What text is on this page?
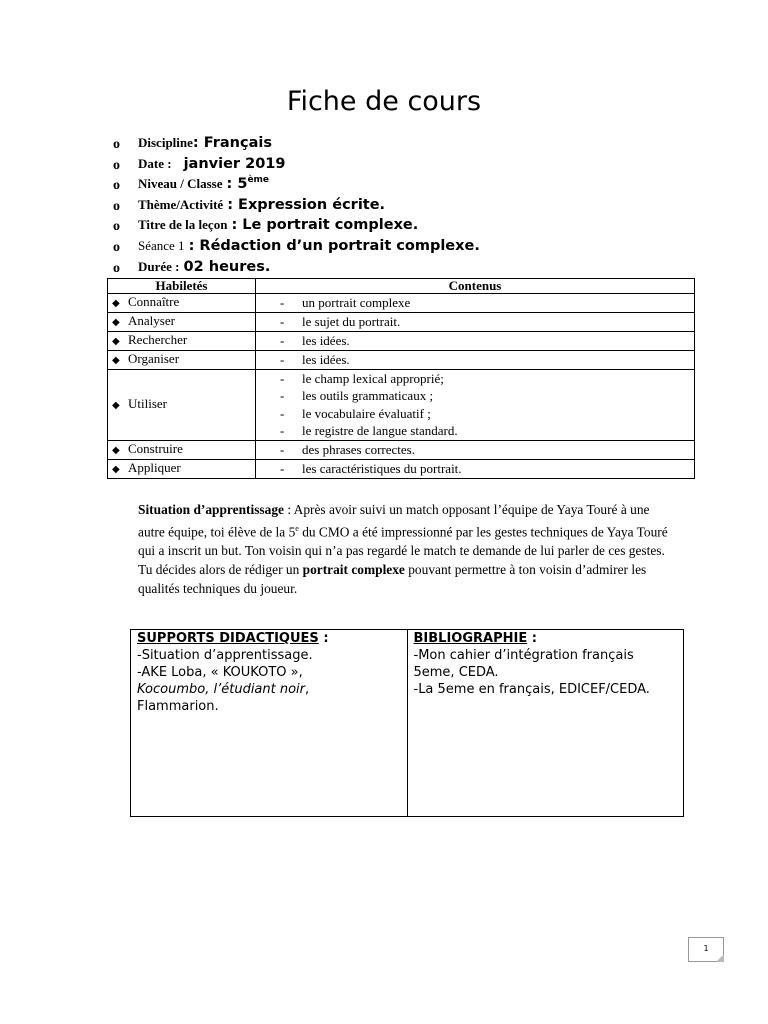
Fiche de cours
o Discipline: Français
o Date : janvier 2019
o Niveau / Classe : 5ème
o Thème/Activité : Expression écrite.
o Titre de la leçon : Le portrait complexe.
o Séance 1 : Rédaction d’un portrait complexe.
o Durée : 02 heures.
Habiletés	Contenus
◆ Connaître	- un portrait complexe
◆ Analyser	- le sujet du portrait.
◆ Rechercher	- les idées.
◆ Organiser	- les idées.
◆ Utiliser	- le champ lexical approprié;
- les outils grammaticaux ;
- le vocabulaire évaluatif ;
- le registre de langue standard.

◆ Construire	- des phrases correctes.
◆ Appliquer	- les caractéristiques du portrait.
Situation d’apprentissage : Après avoir suivi un match opposant l’équipe de Yaya Touré à une autre équipe, toi élève de la 5e du CMO a été impressionné par les gestes techniques de Yaya Touré qui a inscrit un but. Ton voisin qui n’a pas regardé le match te demande de lui parler de ces gestes. Tu décides alors de rédiger un portrait complexe pouvant permettre à ton voisin d’admirer les qualités techniques du joueur.
SUPPORTS DIDACTIQUES :
-Situation d’apprentissage.
-AKE Loba, « KOUKOTO »,
Kocoumbo, l’étudiant noir,
Flammarion.

BIBLIOGRAPHIE :
-Mon cahier d’intégration français 5eme, CEDA.
-La 5eme en français, EDICEF/CEDA.
1
